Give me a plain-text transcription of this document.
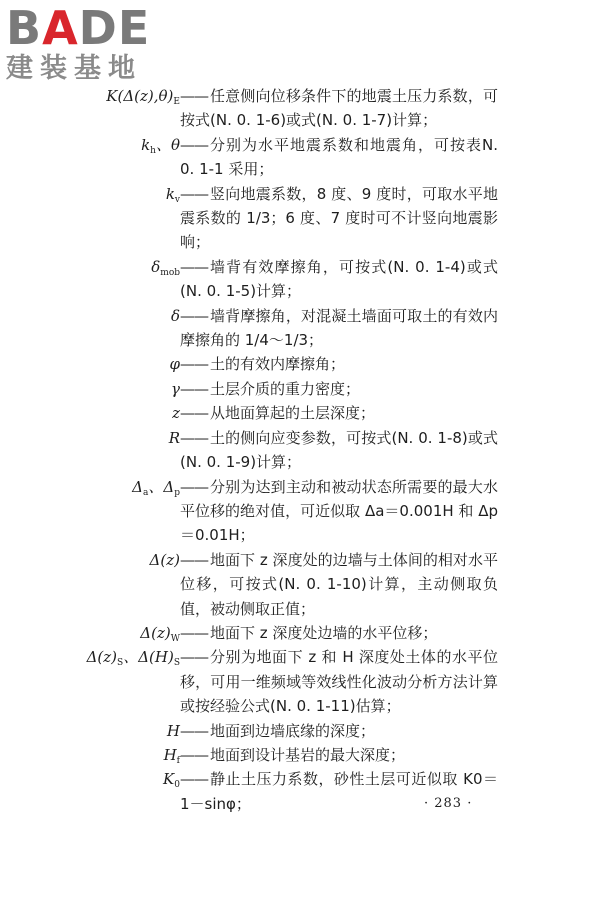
BADE
建装基地
$K(\Delta(z),\theta)_E$ —— 任意侧向位移条件下的地震土压力系数，可按式(N. 0. 1-6)或式(N. 0. 1-7)计算；
$k_h$、θ —— 分别为水平地震系数和地震角，可按表N. 0. 1-1 采用；
$k_v$ —— 竖向地震系数，8 度、9 度时，可取水平地震系数的 1/3；6 度、7 度时可不计竖向地震影响；
$\delta_{mob}$ —— 墙背有效摩擦角，可按式(N. 0. 1-4)或式(N. 0. 1-5)计算；
δ —— 墙背摩擦角，对混凝土墙面可取土的有效内摩擦角的 1/4～1/3；
φ —— 土的有效内摩擦角；
γ —— 土层介质的重力密度；
z —— 从地面算起的土层深度；
R —— 土的侧向应变参数，可按式(N. 0. 1-8)或式(N. 0. 1-9)计算；
$\Delta_a$、$\Delta_p$ —— 分别为达到主动和被动状态所需要的最大水平位移的绝对值，可近似取 Δa＝0.001H 和 Δp＝0.01H；
Δ(z) —— 地面下 z 深度处的边墙与土体间的相对水平位移，可按式(N. 0. 1-10)计算，主动侧取负值，被动侧取正值；
$\Delta(z)_W$ —— 地面下 z 深度处边墙的水平位移；
$\Delta(z)_S$、$\Delta(H)_S$ —— 分别为地面下 z 和 H 深度处土体的水平位移，可用一维频域等效线性化波动分析方法计算或按经验公式(N. 0. 1-11)估算；
H —— 地面到边墙底缘的深度；
$H_f$ —— 地面到设计基岩的最大深度；
$K_0$ —— 静止土压力系数，砂性土层可近似取 K0＝1－sinφ；	· 283 ·
